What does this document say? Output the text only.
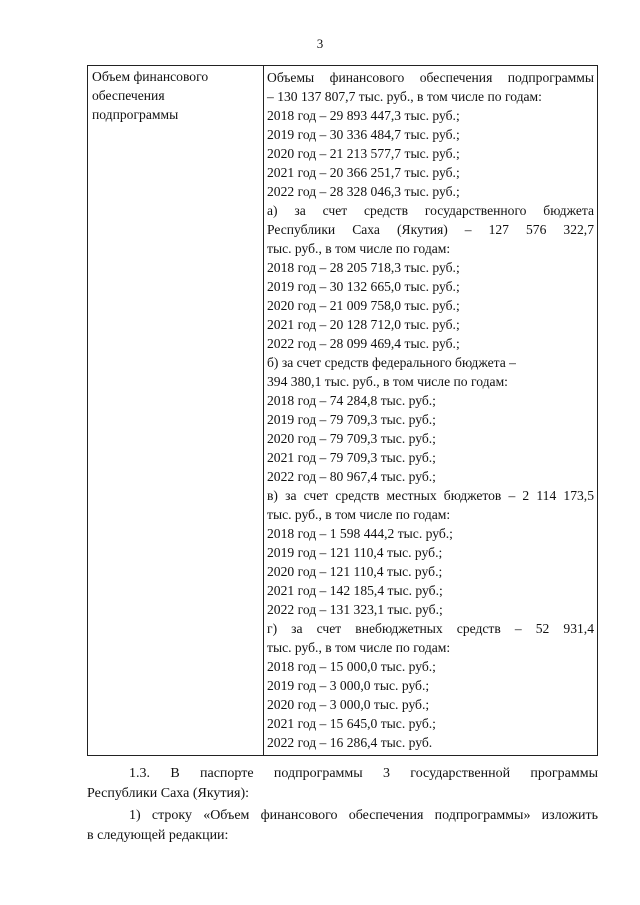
3
Объем финансового
обеспечения
подпрограммы
Объемы финансового обеспечения подпрограммы
– 130 137 807,7 тыс. руб., в том числе по годам:
2018 год – 29 893 447,3 тыс. руб.;
2019 год – 30 336 484,7 тыс. руб.;
2020 год – 21 213 577,7 тыс. руб.;
2021 год – 20 366 251,7 тыс. руб.;
2022 год – 28 328 046,3 тыс. руб.;
а) за счет средств государственного бюджета
Республики Саха (Якутия) – 127 576 322,7
тыс. руб., в том числе по годам:
2018 год – 28 205 718,3 тыс. руб.;
2019 год – 30 132 665,0 тыс. руб.;
2020 год – 21 009 758,0 тыс. руб.;
2021 год – 20 128 712,0 тыс. руб.;
2022 год – 28 099 469,4 тыс. руб.;
б) за счет средств федерального бюджета –
394 380,1 тыс. руб., в том числе по годам:
2018 год – 74 284,8 тыс. руб.;
2019 год – 79 709,3 тыс. руб.;
2020 год – 79 709,3 тыс. руб.;
2021 год – 79 709,3 тыс. руб.;
2022 год – 80 967,4 тыс. руб.;
в) за счет средств местных бюджетов – 2 114 173,5
тыс. руб., в том числе по годам:
2018 год – 1 598 444,2 тыс. руб.;
2019 год – 121 110,4 тыс. руб.;
2020 год – 121 110,4 тыс. руб.;
2021 год – 142 185,4 тыс. руб.;
2022 год – 131 323,1 тыс. руб.;
г) за счет внебюджетных средств – 52 931,4
тыс. руб., в том числе по годам:
2018 год – 15 000,0 тыс. руб.;
2019 год – 3 000,0 тыс. руб.;
2020 год – 3 000,0 тыс. руб.;
2021 год – 15 645,0 тыс. руб.;
2022 год – 16 286,4 тыс. руб.
1.3. В паспорте подпрограммы 3 государственной программы
Республики Саха (Якутия):
1) строку «Объем финансового обеспечения подпрограммы» изложить
в следующей редакции:
